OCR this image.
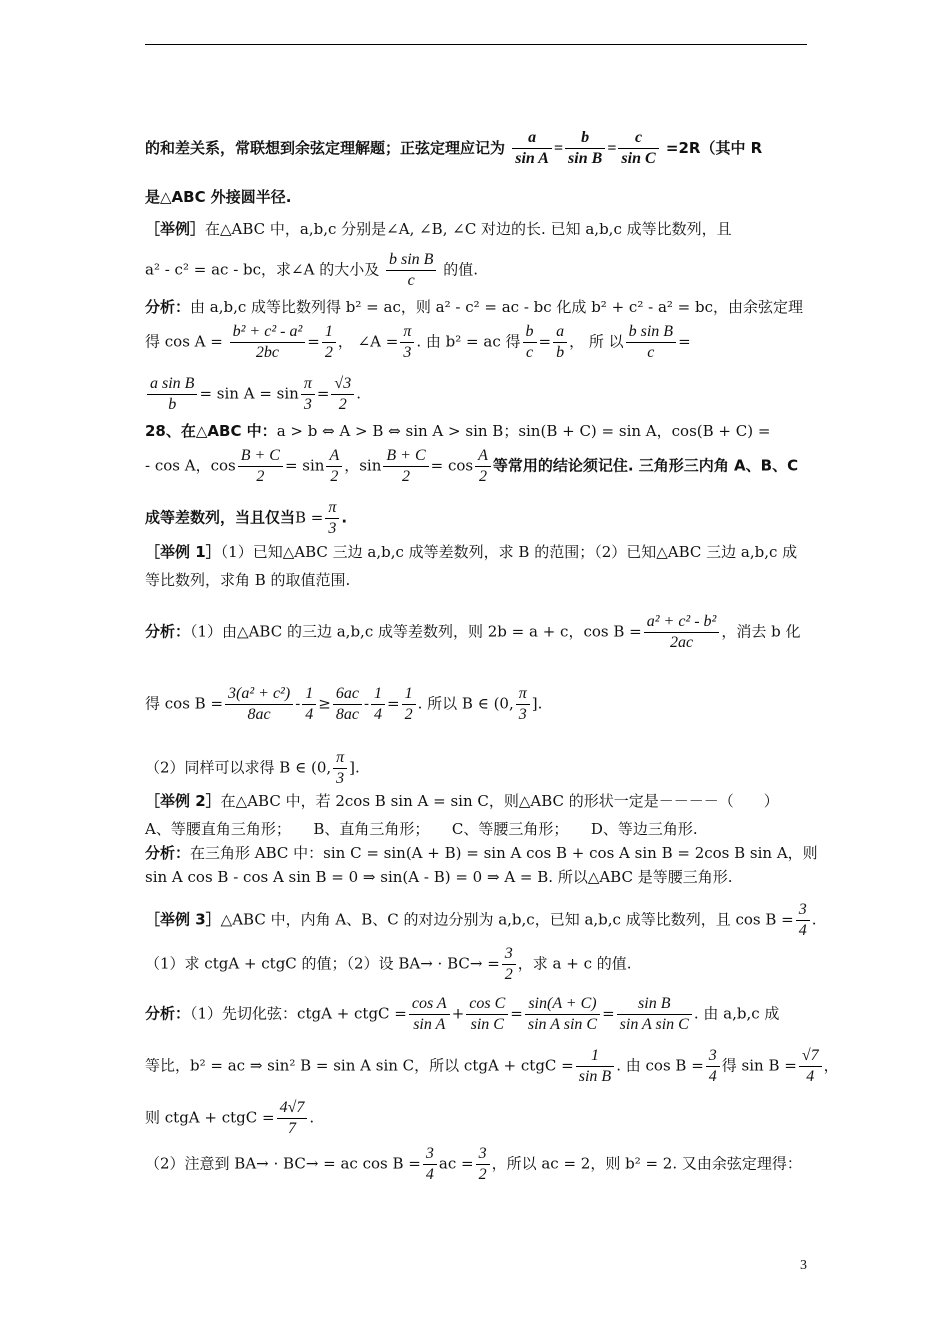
的和差关系，常联想到余弦定理解题；正弦定理应记为 $\frac{a}{\text{sin A}} = \frac{b}{\text{sin B}} = \frac{c}{\text{sin C}} =2R$（其中 R
是△ABC 外接圆半径.
［举例］在△ABC 中，a,b,c 分别是∠A, ∠B, ∠C 对边的长. 已知 a,b,c 成等比数列，且
a² - c² = ac - bc，求∠A 的大小及 $\frac{\text{b sin B}}{c}$ 的值.
分析：由 a,b,c 成等比数列得 b² = ac，则 a² - c² = ac - bc 化成 b² + c² - a² = bc，由余弦定理
得 $\cos A = \frac{\text{b² + c² - a²}}{2bc} = \frac{1}{2}$ ， ∠A = $\frac{\pi}{3}$ . 由 b² = ac 得 $\frac{b}{c} = \frac{a}{b}$ ， 所 以 $\frac{\text{b sin B}}{c}$ =
$\frac{\text{a sin B}}{b} = \sin A = \sin \frac{\pi}{3} = \frac{√3}{2}$ .
28、在△ABC 中：a > b ⇔ A > B ⇔ sin A > sin B；sin(B + C) = sin A，cos(B + C) =
- cos A，$\cos \frac{B + C}{2} = \sin \frac{A}{2}$ ，$\sin \frac{B + C}{2} = \cos \frac{A}{2}$ 等常用的结论须记住. 三角形三内角 A、B、C
成等差数列，当且仅当$B = \frac{\pi}{3}$ .
［举例 1］（1）已知△ABC 三边 a,b,c 成等差数列，求 B 的范围；（2）已知△ABC 三边 a,b,c 成
等比数列，求角 B 的取值范围.
分析：（1）由△ABC 的三边 a,b,c 成等差数列，则 2b = a + c，$\cos B = \frac{\text{a² + c² - b²}}{2ac}$ ，消去 b 化
得 $\cos B = \frac{\text{3(a² + c²)}}{8ac} - \frac{1}{4} \ge \frac{6ac}{8ac} - \frac{1}{4} = \frac{1}{2}$ . 所以 B ∈ (0, $\frac{\pi}{3}$ ].
（2）同样可以求得 B ∈ (0, $\frac{\pi}{3}$ ].
［举例 2］在△ABC 中，若 2cos B sin A = sin C，则△ABC 的形状一定是－－－－（　　）
A、等腰直角三角形；　　B、直角三角形；　　C、等腰三角形；　　D、等边三角形.
分析：在三角形 ABC 中：sin C = sin(A + B) = sin A cos B + cos A sin B = 2cos B sin A，则
sin A cos B - cos A sin B = 0 ⇒ sin(A - B) = 0 ⇒ A = B. 所以△ABC 是等腰三角形.
［举例 3］△ABC 中，内角 A、B、C 的对边分别为 a,b,c，已知 a,b,c 成等比数列，且 $\cos B = \frac{3}{4}$ .
（1）求 ctgA + ctgC 的值；（2）设 $BA\to \cdot BC\to = \frac{3}{2}$ ，求 a + c 的值.
分析：（1）先切化弦：ctgA + ctgC = $\frac{\text{cos A}}{\text{sin A}} + \frac{\text{cos C}}{\text{sin C}} = \frac{\sin(A + C)}{\text{sin A sin C}} = \frac{\text{sin B}}{\text{sin A sin C}}$ . 由 a,b,c 成
等比，b² = ac ⇒ sin² B = sin A sin C，所以 ctgA + ctgC = $\frac{1}{\text{sin B}}$ . 由 $\cos B = \frac{3}{4}$ 得 $\sin B = \frac{√7}{4}$ ，
则 ctgA + ctgC = $\frac{4√7}{7}$ .
（2）注意到 BA→ · BC→ = ac $\cos B = \frac{3}{4}$ ac = $\frac{3}{2}$ ，所以 ac = 2，则 b² = 2. 又由余弦定理得：
3
